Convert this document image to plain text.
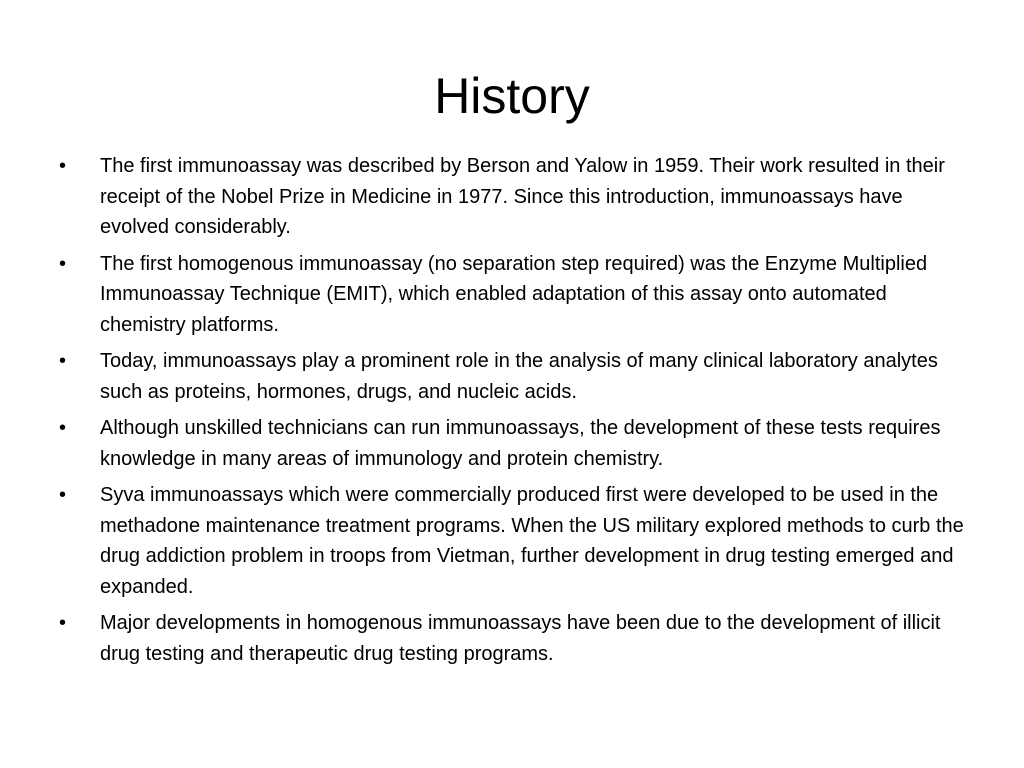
History
•	The first immunoassay was described by Berson and Yalow in 1959. Their work resulted in their receipt of the Nobel Prize in Medicine in 1977. Since this introduction, immunoassays have evolved considerably.
•	The first homogenous immunoassay (no separation step required) was the Enzyme Multiplied Immunoassay Technique (EMIT), which enabled adaptation of this assay onto automated chemistry platforms.
•	Today, immunoassays play a prominent role in the analysis of many clinical laboratory analytes such as proteins, hormones, drugs, and nucleic acids.
•	Although unskilled technicians can run immunoassays, the development of these tests requires knowledge in many areas of immunology and protein chemistry.
•	Syva immunoassays which were commercially produced first were developed to be used in the methadone maintenance treatment programs. When the US military explored methods to curb the drug addiction problem in troops from Vietman, further development in drug testing emerged and expanded.
•	Major developments in homogenous immunoassays have been due to the development of illicit drug testing and therapeutic drug testing programs.
